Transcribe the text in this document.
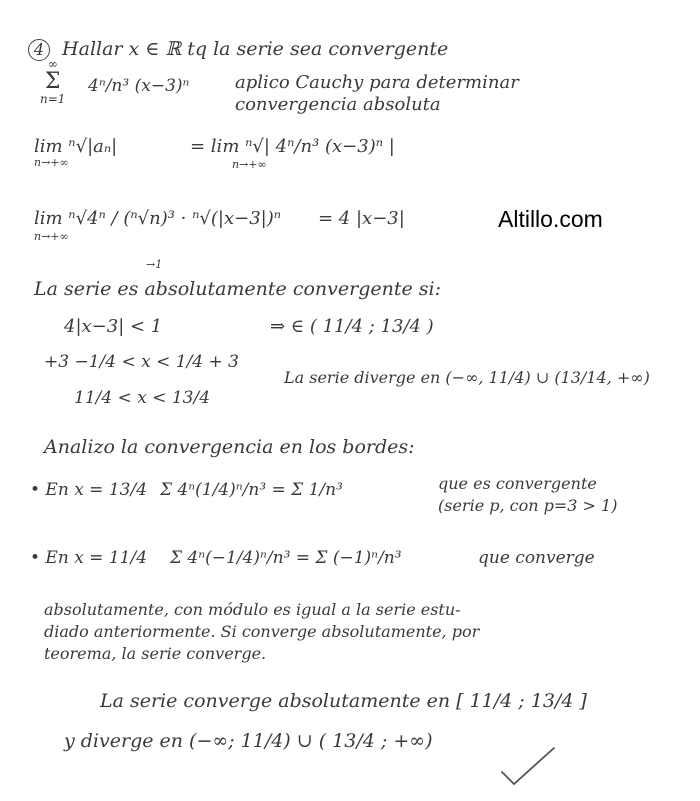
4 Hallar x ∈ ℝ tq la serie sea convergente
∞
Σ
n=1
4ⁿ/n³ (x−3)ⁿ	aplico Cauchy para determinar
convergencia absoluta
lim ⁿ√|aₙ|
n→+∞
= lim ⁿ√| 4ⁿ/n³ (x−3)ⁿ |
n→+∞
lim ⁿ√4ⁿ / (ⁿ√n)³ · ⁿ√(|x−3|)ⁿ
n→+∞
= 4 |x−3|
→1
Altillo.com
La serie es absolutamente convergente si:
4|x−3| < 1	⇒ ∈ ( 11/4 ; 13/4 )
+3 −1/4 < x < 1/4 + 3
11/4 < x < 13/4
La serie diverge en (−∞, 11/4) ∪ (13/14, +∞)
Analizo la convergencia en los bordes:
• En x = 13/4 Σ 4ⁿ(1/4)ⁿ/n³ = Σ 1/n³	que es convergente
(serie p, con p=3 > 1)
• En x = 11/4 Σ 4ⁿ(−1/4)ⁿ/n³ = Σ (−1)ⁿ/n³	que converge
absolutamente, con módulo es igual a la serie estu-
diado anteriormente. Si converge absolutamente, por
teorema, la serie converge.
La serie converge absolutamente en [ 11/4 ; 13/4 ]
y diverge en (−∞; 11/4) ∪ ( 13/4 ; +∞)
